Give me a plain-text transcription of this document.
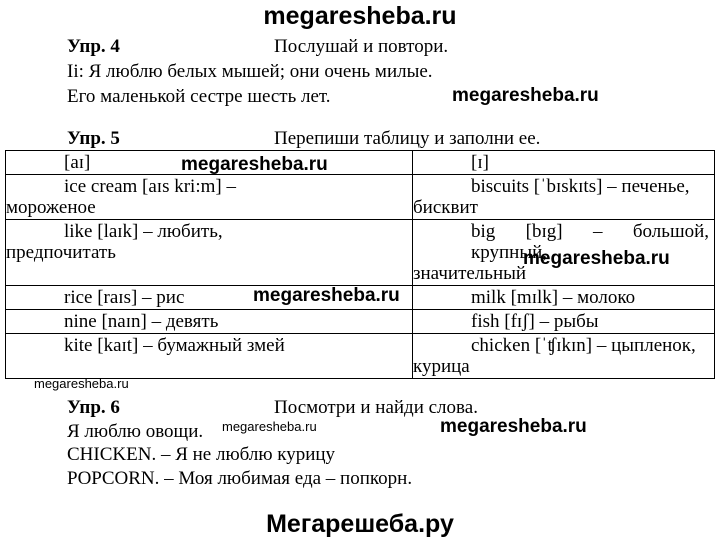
megaresheba.ru
Упр. 4	Послушай и повтори.
Ii: Я люблю белых мышей; они очень милые.
Его маленькой сестре шесть лет.	megaresheba.ru
Упр. 5	Перепиши таблицу и заполни ее.
[aɪ]	[ɪ]
ice cream [aɪs kri:m] –
мороженое	biscuits [ˈbɪskɪts] – печенье,
бисквит

like [laɪk] – любить,
предпочитать	big [bɪg] – большой, крупный,
значительный

rice [raɪs] – рис	milk [mɪlk] – молоко
nine [naɪn] – девять	fish [fɪʃ] – рыбы
kite [kaɪt] – бумажный змей	chicken [ˈʧɪkɪn] – цыпленок,
курица
megaresheba.ru
megaresheba.ru
megaresheba.ru
megaresheba.ru
Упр. 6	Посмотри и найди слова.
Я люблю овощи. megaresheba.ru	megaresheba.ru
CHICKEN. – Я не люблю курицу
POPCORN. – Моя любимая еда – попкорн.
Мегарешеба.ру
